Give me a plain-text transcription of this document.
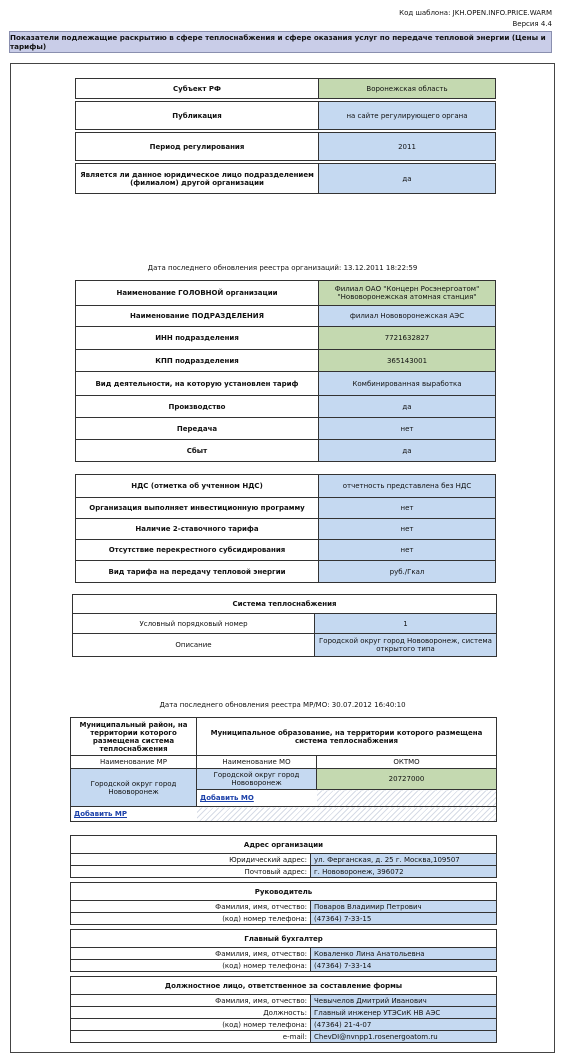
Код шаблона: JKH.OPEN.INFO.PRICE.WARM
Версия 4.4
Показатели подлежащие раскрытию в сфере теплоснабжения и сфере оказания услуг по передаче тепловой энергии (Цены и тарифы)
Субъект РФ	Воронежская область

Публикация	на сайте регулирующего органа

Период регулирования	2011

Является ли данное юридическое лицо подразделением (филиалом) другой организации	да
Дата последнего обновления реестра организаций: 13.12.2011 18:22:59
Наименование ГОЛОВНОЙ организации	Филиал ОАО "Концерн Росэнергоатом" "Нововоронежская атомная станция"
Наименование ПОДРАЗДЕЛЕНИЯ	филиал Нововоронежская АЭС
ИНН подразделения	7721632827
КПП подразделения	365143001
Вид деятельности, на которую установлен тариф	Комбинированная выработка
Производство	да
Передача	нет
Сбыт	да
НДС (отметка об учтенном НДС)	отчетность представлена без НДС
Организация выполняет инвестиционную программу	нет
Наличие 2-ставочного тарифа	нет
Отсутствие перекрестного субсидирования	нет
Вид тарифа на передачу тепловой энергии	руб./Гкал
Система теплоснабжения	
Условный порядковый номер	1
Описание	Городской округ город Нововоронеж, система открытого типа
Дата последнего обновления реестра МР/МО: 30.07.2012 16:40:10
Муниципальный район, на территории которого размещена система теплоснабжения	Муниципальное образование, на территории которого размещена система теплоснабжения	
Наименование МР	Наименование МО	ОКТМО
Городской округ город Нововоронеж	Городской округ город Нововоронеж	20727000
	Добавить МО	
Добавить МР		
Адрес организации	
Юридический адрес:	ул. Ферганская, д. 25 г. Москва,109507
Почтовый адрес:	г. Нововоронеж, 396072
Руководитель	
Фамилия, имя, отчество:	Поваров Владимир Петрович
(код) номер телефона:	(47364) 7-33-15
Главный бухгалтер	
Фамилия, имя, отчество:	Коваленко Лина Анатольевна
(код) номер телефона:	(47364) 7-33-14
Должностное лицо, ответственное за составление формы	
Фамилия, имя, отчество:	Чевычелов Дмитрий Иванович
Должность:	Главный инженер УТЭСиК НВ АЭС
(код) номер телефона:	(47364) 21-4-07
e-mail:	ChevDI@nvnpp1.rosenergoatom.ru
